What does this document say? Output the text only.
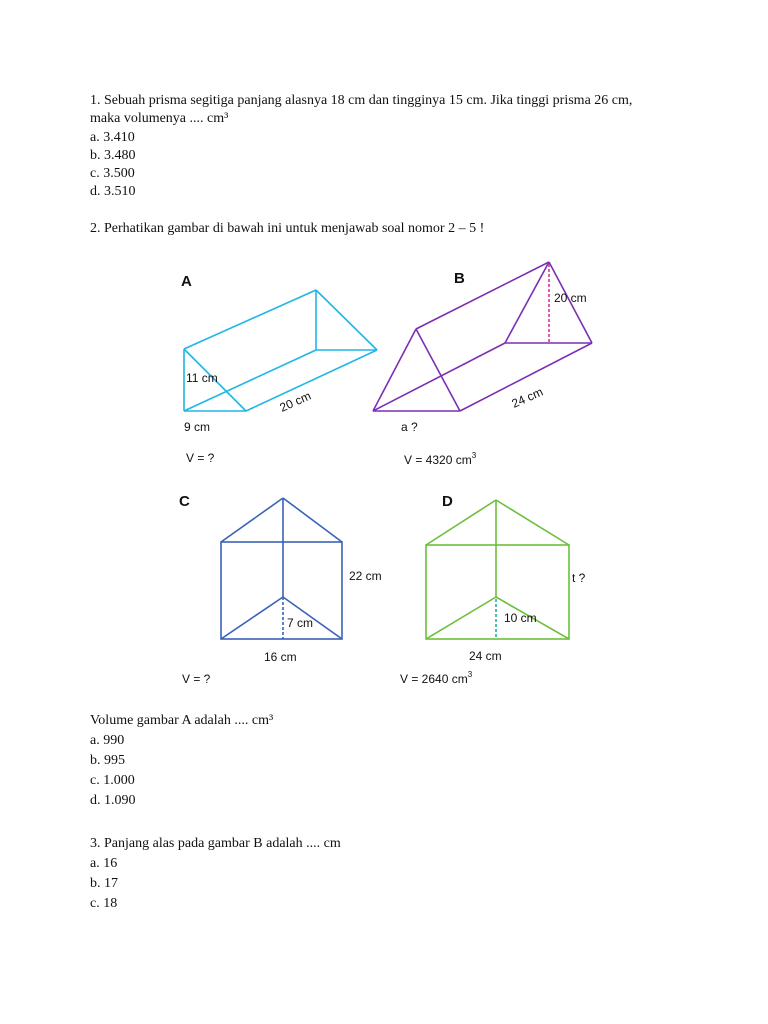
1. Sebuah prisma segitiga panjang alasnya 18 cm dan tingginya 15 cm. Jika tinggi prisma 26 cm,
maka volumenya .... cm³
a. 3.410
b. 3.480
c. 3.500
d. 3.510
2. Perhatikan gambar di bawah ini untuk menjawab soal nomor 2 – 5 !
A
11 cm
20 cm
9 cm
V = ?
B
20 cm
24 cm
a ?
V = 4320 $cm^3$
C
7 cm
22 cm
16 cm
V = ?
D
10 cm
t ?
24 cm
V = 2640 $cm^3$
Volume gambar A adalah .... cm³
a. 990
b. 995
c. 1.000
d. 1.090
3. Panjang alas pada gambar B adalah .... cm
a. 16
b. 17
c. 18
